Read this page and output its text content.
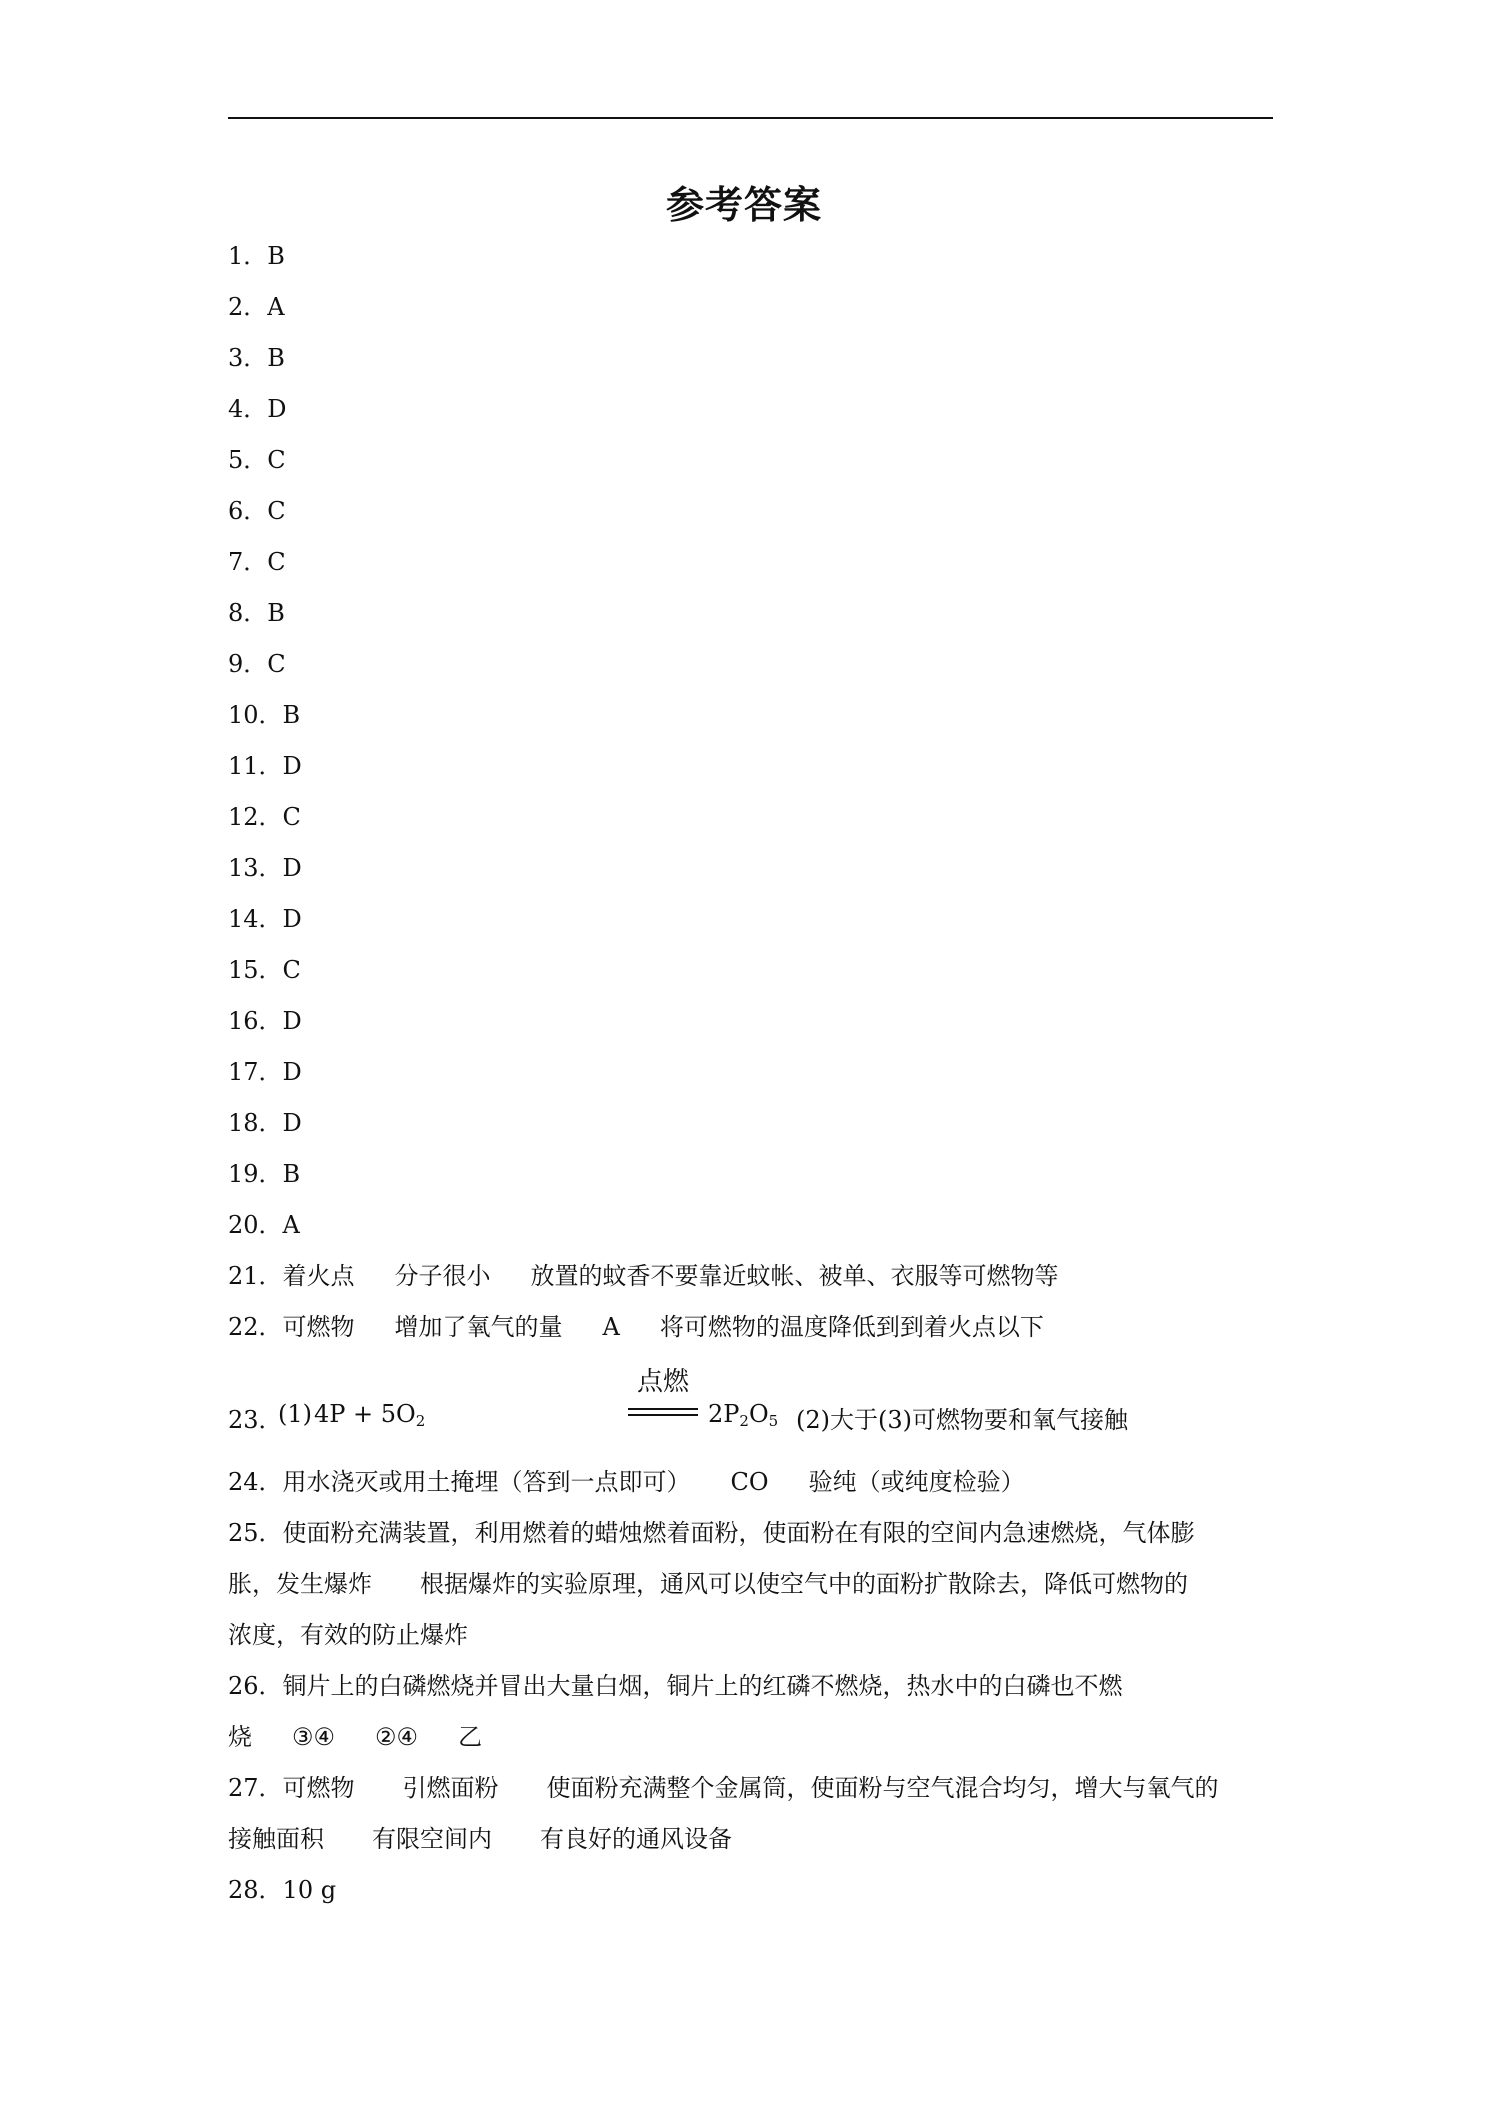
参考答案
1．B
2．A
3．B
4．D
5．C
6．C
7．C
8．B
9．C
10．B
11．D
12．C
13．D
14．D
15．C
16．D
17．D
18．D
19．B
20．A
21．着火点 分子很小 放置的蚊香不要靠近蚊帐、被单、衣服等可燃物等
22．可燃物 增加了氧气的量 A 将可燃物的温度降低到到着火点以下
23．
(1) $4P + 5O_2$
点燃
$2P_2O_5$ (2)大于(3)可燃物要和氧气接触
24．用水浇灭或用土掩埋（答到一点即可） CO 验纯（或纯度检验）
25．使面粉充满装置，利用燃着的蜡烛燃着面粉，使面粉在有限的空间内急速燃烧，气体膨
胀，发生爆炸　　根据爆炸的实验原理，通风可以使空气中的面粉扩散除去，降低可燃物的
浓度，有效的防止爆炸
26．铜片上的白磷燃烧并冒出大量白烟，铜片上的红磷不燃烧，热水中的白磷也不燃
烧 ③④ ②④ 乙
27．可燃物　　引燃面粉　　使面粉充满整个金属筒，使面粉与空气混合均匀，增大与氧气的
接触面积　　有限空间内　　有良好的通风设备
28．10 g
